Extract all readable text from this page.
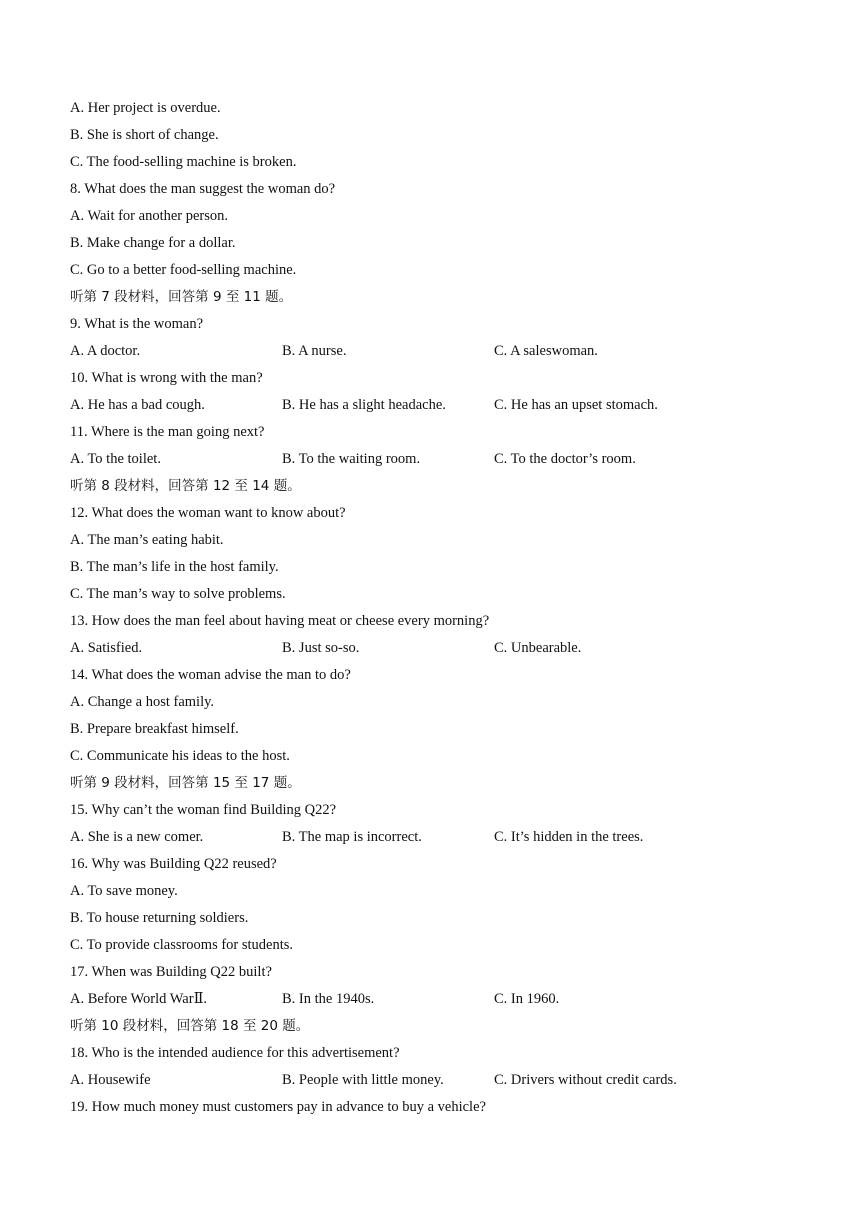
A. Her project is overdue.
B. She is short of change.
C. The food-selling machine is broken.
8. What does the man suggest the woman do?
A. Wait for another person.
B. Make change for a dollar.
C. Go to a better food-selling machine.
听第 7 段材料，回答第 9 至 11 题。
9. What is the woman?
A. A doctor.	B. A nurse.	C. A saleswoman.
10. What is wrong with the man?
A. He has a bad cough.	B. He has a slight headache.	C. He has an upset stomach.
11. Where is the man going next?
A. To the toilet.	B. To the waiting room.	C. To the doctor’s room.
听第 8 段材料，回答第 12 至 14 题。
12. What does the woman want to know about?
A. The man’s eating habit.
B. The man’s life in the host family.
C. The man’s way to solve problems.
13. How does the man feel about having meat or cheese every morning?
A. Satisfied.	B. Just so-so.	C. Unbearable.
14. What does the woman advise the man to do?
A. Change a host family.
B. Prepare breakfast himself.
C. Communicate his ideas to the host.
听第 9 段材料，回答第 15 至 17 题。
15. Why can’t the woman find Building Q22?
A. She is a new comer.	B. The map is incorrect.	C. It’s hidden in the trees.
16. Why was Building Q22 reused?
A. To save money.
B. To house returning soldiers.
C. To provide classrooms for students.
17. When was Building Q22 built?
A. Before World WarⅡ.	B. In the 1940s.	C. In 1960.
听第 10 段材料，回答第 18 至 20 题。
18. Who is the intended audience for this advertisement?
A. Housewife	B. People with little money.	C. Drivers without credit cards.
19. How much money must customers pay in advance to buy a vehicle?
